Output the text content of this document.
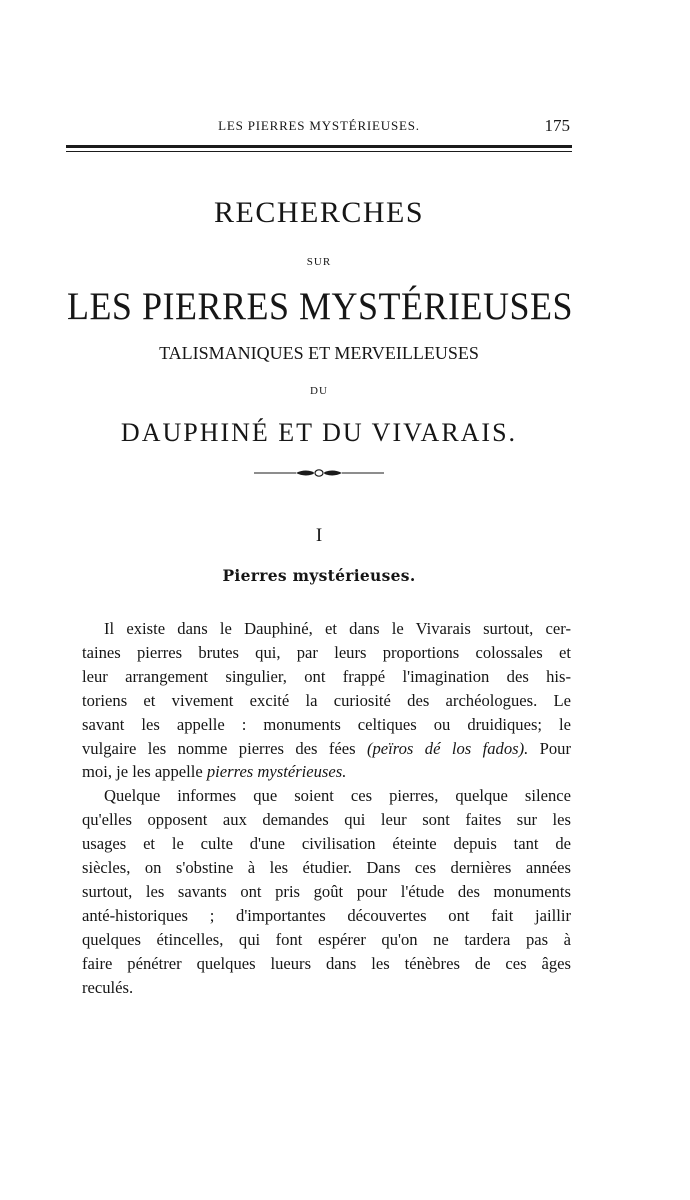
LES PIERRES MYSTÉRIEUSES.	175
RECHERCHES
SUR
LES PIERRES MYSTÉRIEUSES
TALISMANIQUES ET MERVEILLEUSES
DU
DAUPHINÉ ET DU VIVARAIS.
I
Pierres mystérieuses.
Il existe dans le Dauphiné, et dans le Vivarais surtout, cer-
taines pierres brutes qui, par leurs proportions colossales et
leur arrangement singulier, ont frappé l'imagination des his-
toriens et vivement excité la curiosité des archéologues. Le
savant les appelle : monuments celtiques ou druidiques; le
vulgaire les nomme pierres des fées (peïros dé los fados). Pour
moi, je les appelle pierres mystérieuses.
Quelque informes que soient ces pierres, quelque silence
qu'elles opposent aux demandes qui leur sont faites sur les
usages et le culte d'une civilisation éteinte depuis tant de
siècles, on s'obstine à les étudier. Dans ces dernières années
surtout, les savants ont pris goût pour l'étude des monuments
anté-historiques ; d'importantes découvertes ont fait jaillir
quelques étincelles, qui font espérer qu'on ne tardera pas à
faire pénétrer quelques lueurs dans les ténèbres de ces âges
reculés.
